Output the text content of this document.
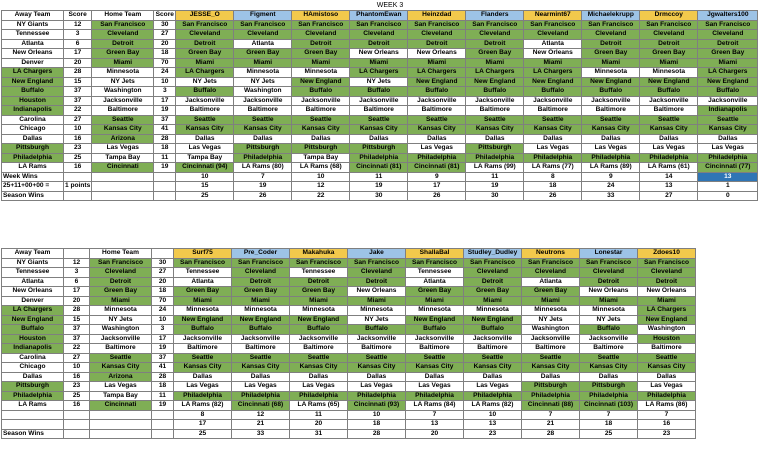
WEEK 3
Away Team	Score	Home Team	Score	JESSE_O	Figment	HAmistoso	PhantomEwan	Heinzdad	Flanders	Nearmint67	Michaelekrupp	Drmccoy	Jgwalters100
NY Giants	12	San Francisco	30	San Francisco	San Francisco	San Francisco	San Francisco	San Francisco	San Francisco	San Francisco	San Francisco	San Francisco	San Francisco
Tennessee	3	Cleveland	27	Cleveland	Cleveland	Cleveland	Cleveland	Cleveland	Cleveland	Cleveland	Cleveland	Cleveland	Cleveland
Atlanta	6	Detroit	20	Detroit	Atlanta	Detroit	Detroit	Detroit	Detroit	Atlanta	Detroit	Detroit	Detroit
New Orleans	17	Green Bay	18	Green Bay	Green Bay	Green Bay	New Orleans	New Orleans	Green Bay	New Orleans	Green Bay	Green Bay	Green Bay
Denver	20	Miami	70	Miami	Miami	Miami	Miami	Miami	Miami	Miami	Miami	Miami	Miami
LA Chargers	28	Minnesota	24	LA Chargers	Minnesota	Minnesota	LA Chargers	LA Chargers	LA Chargers	LA Chargers	Minnesota	Minnesota	LA Chargers
New England	15	NY Jets	10	NY Jets	NY Jets	New England	NY Jets	New England	New England	New England	New England	New England	New England
Buffalo	37	Washington	3	Buffalo	Washington	Buffalo	Buffalo	Buffalo	Buffalo	Buffalo	Buffalo	Buffalo	Buffalo
Houston	37	Jacksonville	17	Jacksonville	Jacksonville	Jacksonville	Jacksonville	Jacksonville	Jacksonville	Jacksonville	Jacksonville	Jacksonville	Jacksonville
Indianapolis	22	Baltimore	19	Baltimore	Baltimore	Baltimore	Baltimore	Baltimore	Baltimore	Baltimore	Baltimore	Baltimore	Indianapolis
Carolina	27	Seattle	37	Seattle	Seattle	Seattle	Seattle	Seattle	Seattle	Seattle	Seattle	Seattle	Seattle
Chicago	10	Kansas City	41	Kansas City	Kansas City	Kansas City	Kansas City	Kansas City	Kansas City	Kansas City	Kansas City	Kansas City	Kansas City
Dallas	16	Arizona	28	Dallas	Dallas	Dallas	Dallas	Dallas	Dallas	Dallas	Dallas	Dallas	Dallas
Pittsburgh	23	Las Vegas	18	Las Vegas	Pittsburgh	Pittsburgh	Pittsburgh	Las Vegas	Pittsburgh	Las Vegas	Las Vegas	Las Vegas	Las Vegas
Philadelphia	25	Tampa Bay	11	Tampa Bay	Philadelphia	Tampa Bay	Philadelphia	Philadelphia	Philadelphia	Philadelphia	Philadelphia	Philadelphia	Philadelphia
LA Rams	16	Cincinnati	19	Cincinnati (94)	LA Rams (80)	LA Rams (68)	Cincinnati (81)	Cincinnati (81)	LA Rams (99)	LA Rams (77)	LA Rams (89)	LA Rams (61)	Cincinnati (77)
Week Wins				10	7	10	11	9	11	8	9	14	13
25+11+00+00 =	1 points			15	19	12	19	17	19	18	24	13	1
Season Wins				25	26	22	30	26	30	26	33	27	0
Away Team		Home Team		Surf75	Pre_Coder	Makahuka	Jake	ShallaBal	Studley_Dudley	Neutrons	Lonestar	Zdoes10
NY Giants	12	San Francisco	30	San Francisco	San Francisco	San Francisco	San Francisco	San Francisco	San Francisco	San Francisco	San Francisco	San Francisco
Tennessee	3	Cleveland	27	Tennessee	Cleveland	Tennessee	Cleveland	Tennessee	Cleveland	Cleveland	Cleveland	Cleveland
Atlanta	6	Detroit	20	Atlanta	Detroit	Detroit	Detroit	Atlanta	Detroit	Atlanta	Detroit	Detroit
New Orleans	17	Green Bay	18	Green Bay	Green Bay	Green Bay	New Orleans	Green Bay	Green Bay	Green Bay	New Orleans	New Orleans
Denver	20	Miami	70	Miami	Miami	Miami	Miami	Miami	Miami	Miami	Miami	Miami
LA Chargers	28	Minnesota	24	Minnesota	Minnesota	Minnesota	Minnesota	Minnesota	Minnesota	Minnesota	Minnesota	LA Chargers
New England	15	NY Jets	10	New England	New England	New England	NY Jets	New England	New England	NY Jets	NY Jets	New England
Buffalo	37	Washington	3	Buffalo	Buffalo	Buffalo	Buffalo	Buffalo	Buffalo	Washington	Buffalo	Washington
Houston	37	Jacksonville	17	Jacksonville	Jacksonville	Jacksonville	Jacksonville	Jacksonville	Jacksonville	Jacksonville	Jacksonville	Houston
Indianapolis	22	Baltimore	19	Baltimore	Baltimore	Baltimore	Baltimore	Baltimore	Baltimore	Baltimore	Baltimore	Baltimore
Carolina	27	Seattle	37	Seattle	Seattle	Seattle	Seattle	Seattle	Seattle	Seattle	Seattle	Seattle
Chicago	10	Kansas City	41	Kansas City	Kansas City	Kansas City	Kansas City	Kansas City	Kansas City	Kansas City	Kansas City	Kansas City
Dallas	16	Arizona	28	Dallas	Dallas	Dallas	Dallas	Dallas	Dallas	Dallas	Dallas	Dallas
Pittsburgh	23	Las Vegas	18	Las Vegas	Las Vegas	Las Vegas	Las Vegas	Las Vegas	Las Vegas	Pittsburgh	Pittsburgh	Las Vegas
Philadelphia	25	Tampa Bay	11	Philadelphia	Philadelphia	Philadelphia	Philadelphia	Philadelphia	Philadelphia	Philadelphia	Philadelphia	Philadelphia
LA Rams	16	Cincinnati	19	LA Rams (82)	Cincinnati (68)	LA Rams (65)	Cincinnati (93)	LA Rams (84)	LA Rams (82)	Cincinnati (88)	Cincinnati (103)	LA Rams (86)
				8	12	11	10	7	10	7	7	7
				17	21	20	18	13	13	21	18	16
Season Wins				25	33	31	28	20	23	28	25	23
